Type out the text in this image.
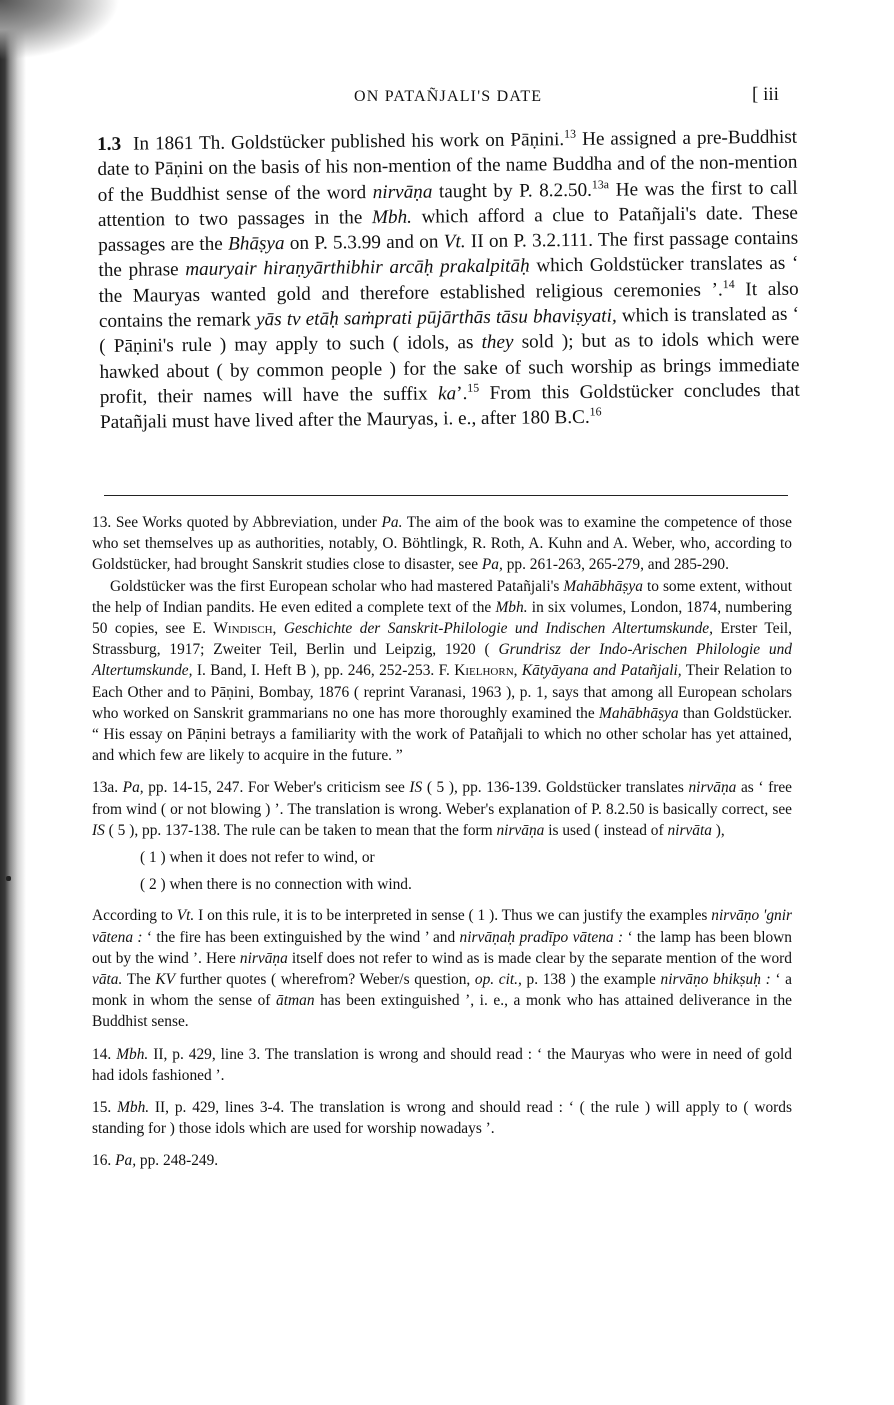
ON PATAÑJALI'S DATE	[ iii
1.3 In 1861 Th. Goldstücker published his work on Pāṇini.$^{13}$ He assigned a pre-Buddhist date to Pāṇini on the basis of his non-mention of the name Buddha and of the non-mention of the Buddhist sense of the word nirvāṇa taught by P. 8.2.50.$^{13a}$ He was the first to call attention to two passages in the Mbh. which afford a clue to Patañjali's date. These passages are the Bhāṣya on P. 5.3.99 and on Vt. II on P. 3.2.111. The first passage contains the phrase mauryair hiraṇyārthibhir arcāḥ prakalpitāḥ which Goldstücker translates as ‘ the Mauryas wanted gold and therefore established religious ceremonies ’.$^{14}$ It also contains the remark yās tv etāḥ saṁprati pūjārthās tāsu bhaviṣyati, which is translated as ‘ ( Pāṇini's rule ) may apply to such ( idols, as they sold ); but as to idols which were hawked about ( by common people ) for the sake of such worship as brings immediate profit, their names will have the suffix ka’.$^{15}$ From this Goldstücker concludes that Patañjali must have lived after the Mauryas, i. e., after 180 B.C.$^{16}$

13. See Works quoted by Abbreviation, under Pa. The aim of the book was to examine the competence of those who set themselves up as authorities, notably, O. Böhtlingk, R. Roth, A. Kuhn and A. Weber, who, according to Goldstücker, had brought Sanskrit studies close to disaster, see Pa, pp. 261-263, 265-279, and 285-290.

Goldstücker was the first European scholar who had mastered Patañjali's Mahābhāṣya to some extent, without the help of Indian pandits. He even edited a complete text of the Mbh. in six volumes, London, 1874, numbering 50 copies, see E. Windisch, Geschichte der Sanskrit-Philologie und Indischen Altertumskunde, Erster Teil, Strassburg, 1917; Zweiter Teil, Berlin und Leipzig, 1920 ( Grundrisz der Indo-Arischen Philologie und Altertumskunde, I. Band, I. Heft B ), pp. 246, 252-253. F. Kielhorn, Kātyāyana and Patañjali, Their Relation to Each Other and to Pāṇini, Bombay, 1876 ( reprint Varanasi, 1963 ), p. 1, says that among all European scholars who worked on Sanskrit grammarians no one has more thoroughly examined the Mahābhāṣya than Goldstücker. “ His essay on Pāṇini betrays a familiarity with the work of Patañjali to which no other scholar has yet attained, and which few are likely to acquire in the future. ”

13a. Pa, pp. 14-15, 247. For Weber's criticism see IS ( 5 ), pp. 136-139. Goldstücker translates nirvāṇa as ‘ free from wind ( or not blowing ) ’. The translation is wrong. Weber's explanation of P. 8.2.50 is basically correct, see IS ( 5 ), pp. 137-138. The rule can be taken to mean that the form nirvāṇa is used ( instead of nirvāta ),

( 1 ) when it does not refer to wind, or

( 2 ) when there is no connection with wind.

According to Vt. I on this rule, it is to be interpreted in sense ( 1 ). Thus we can justify the examples nirvāṇo 'gnir vātena : ‘ the fire has been extinguished by the wind ’ and nirvāṇaḥ pradīpo vātena : ‘ the lamp has been blown out by the wind ’. Here nirvāṇa itself does not refer to wind as is made clear by the separate mention of the word vāta. The KV further quotes ( wherefrom? Weber/s question, op. cit., p. 138 ) the example nirvāṇo bhikṣuḥ : ‘ a monk in whom the sense of ātman has been extinguished ’, i. e., a monk who has attained deliverance in the Buddhist sense.

14. Mbh. II, p. 429, line 3. The translation is wrong and should read : ‘ the Mauryas who were in need of gold had idols fashioned ’.

15. Mbh. II, p. 429, lines 3-4. The translation is wrong and should read : ‘ ( the rule ) will apply to ( words standing for ) those idols which are used for worship nowadays ’.

16. Pa, pp. 248-249.
